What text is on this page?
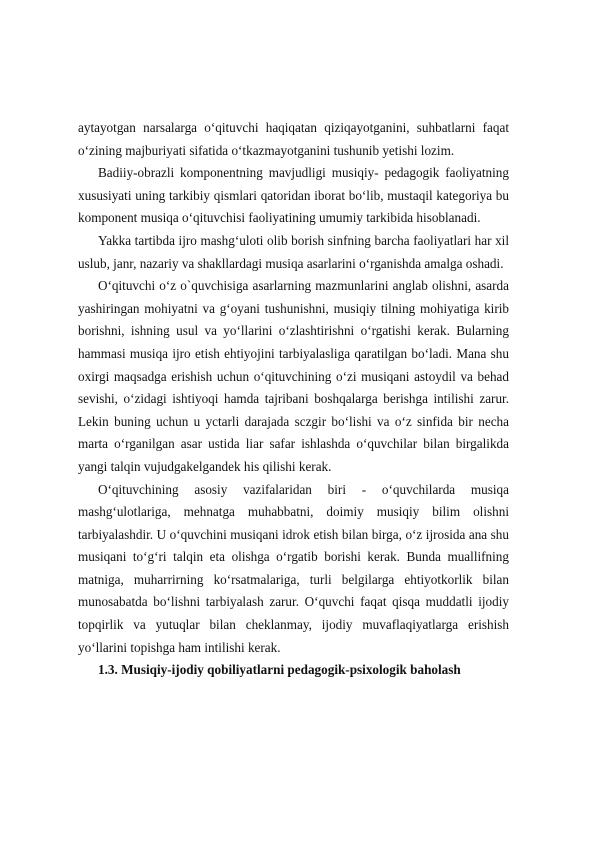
aytayotgan narsalarga o‘qituvchi haqiqatan qiziqayotganini, suhbatlarni faqat o‘zining majburiyati sifatida o‘tkazmayotganini tushunib yetishi lozim.

Badiiy-obrazli komponentning mavjudligi musiqiy- pedagogik faoliyatning xususiyati uning tarkibiy qismlari qatoridan iborat bo‘lib, mustaqil kategoriya bu komponent musiqa o‘qituvchisi faoliyatining umumiy tarkibida hisoblanadi.

Yakka tartibda ijro mashg‘uloti olib borish sinfning barcha faoliyatlari har xil uslub, janr, nazariy va shakllardagi musiqa asarlarini o‘rganishda amalga oshadi.

O‘qituvchi o‘z o`quvchisiga asarlarning mazmunlarini anglab olishni, asarda yashiringan mohiyatni va g‘oyani tushunishni, musiqiy tilning mohiyatiga kirib borishni, ishning usul va yo‘llarini o‘zlashtirishni o‘rgatishi kerak. Bularning hammasi musiqa ijro etish ehtiyojini tarbiyalasliga qaratilgan bo‘ladi. Mana shu oxirgi maqsadga erishish uchun o‘qituvchining o‘zi musiqani astoydil va behad sevishi, o‘zidagi ishtiyoqi hamda tajribani boshqalarga berishga intilishi zarur. Lekin buning uchun u yctarli darajada sczgir bo‘lishi va o‘z sinfida bir necha marta o‘rganilgan asar ustida liar safar ishlashda o‘quvchilar bilan birgalikda yangi talqin vujudgakelgandek his qilishi kerak.

O‘qituvchining asosiy vazifalaridan biri - o‘quvchilarda musiqa mashg‘ulotlariga, mehnatga muhabbatni, doimiy musiqiy bilim olishni tarbiyalashdir. U o‘quvchini musiqani idrok etish bilan birga, o‘z ijrosida ana shu musiqani to‘g‘ri talqin eta olishga o‘rgatib borishi kerak. Bunda muallifning matniga, muharrirning ko‘rsatmalariga, turli belgilarga ehtiyotkorlik bilan munosabatda bo‘lishni tarbiyalash zarur. O‘quvchi faqat qisqa muddatli ijodiy topqirlik va yutuqlar bilan cheklanmay, ijodiy muvaflaqiyatlarga erishish yo‘llarini topishga ham intilishi kerak.

1.3. Musiqiy-ijodiy qobiliyatlarni pedagogik-psixologik baholash
